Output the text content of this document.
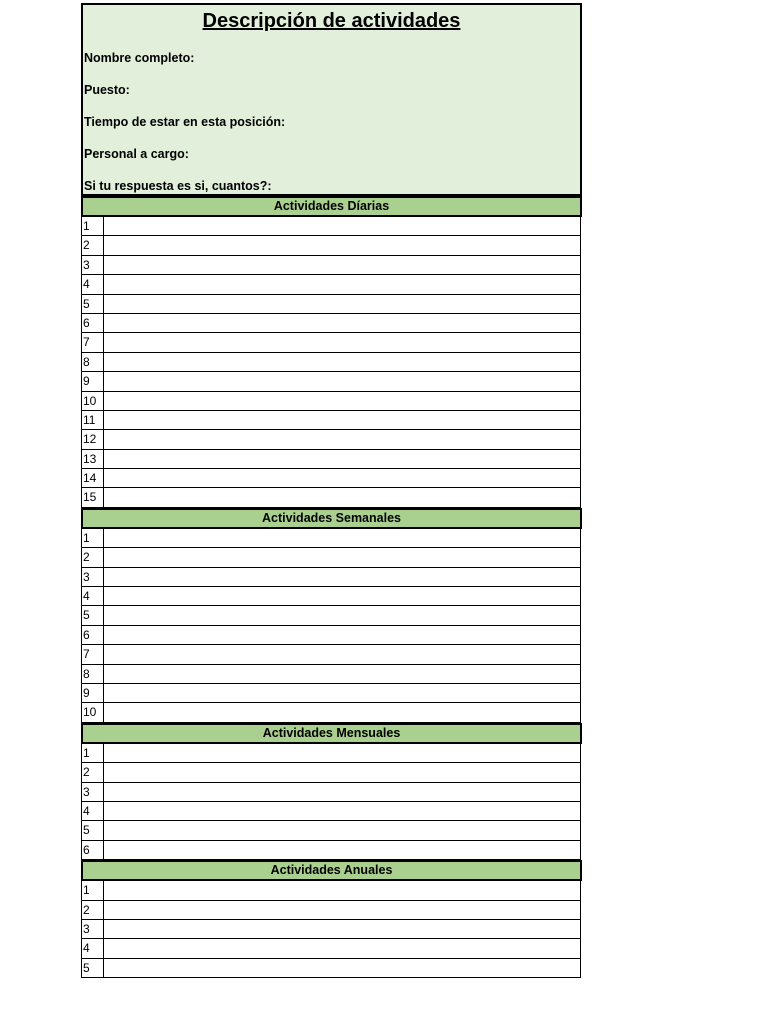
Descripción de actividades
Nombre completo:
Puesto:
Tiempo de estar en esta posición:
Personal a cargo:
Si tu respuesta es si, cuantos?:
Actividades Díarias
1
2
3
4
5
6
7
8
9
10
11
12
13
14
15
Actividades Semanales
1
2
3
4
5
6
7
8
9
10
Actividades Mensuales
1
2
3
4
5
6
Actividades Anuales
1
2
3
4
5
